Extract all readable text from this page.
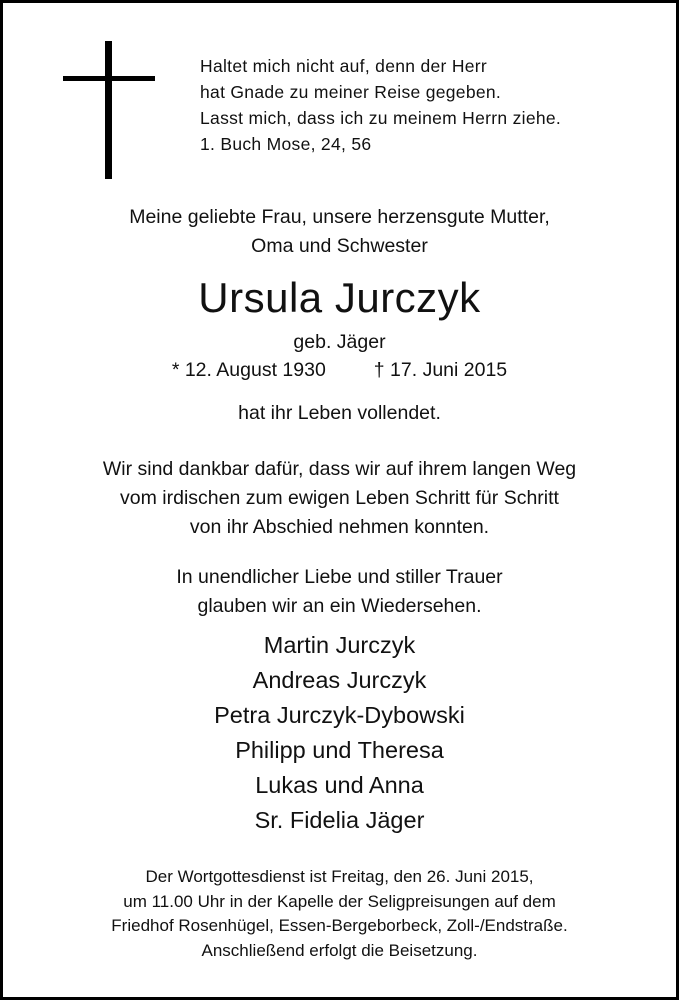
Haltet mich nicht auf, denn der Herr
hat Gnade zu meiner Reise gegeben.
Lasst mich, dass ich zu meinem Herrn ziehe.
1. Buch Mose, 24, 56
Meine geliebte Frau, unsere herzensgute Mutter,
Oma und Schwester
Ursula Jurczyk
geb. Jäger
* 12. August 1930 † 17. Juni 2015
hat ihr Leben vollendet.
Wir sind dankbar dafür, dass wir auf ihrem langen Weg
vom irdischen zum ewigen Leben Schritt für Schritt
von ihr Abschied nehmen konnten.
In unendlicher Liebe und stiller Trauer
glauben wir an ein Wiedersehen.
Martin Jurczyk
Andreas Jurczyk
Petra Jurczyk-Dybowski
Philipp und Theresa
Lukas und Anna
Sr. Fidelia Jäger
Der Wortgottesdienst ist Freitag, den 26. Juni 2015,
um 11.00 Uhr in der Kapelle der Seligpreisungen auf dem
Friedhof Rosenhügel, Essen-Bergeborbeck, Zoll-/Endstraße.
Anschließend erfolgt die Beisetzung.
